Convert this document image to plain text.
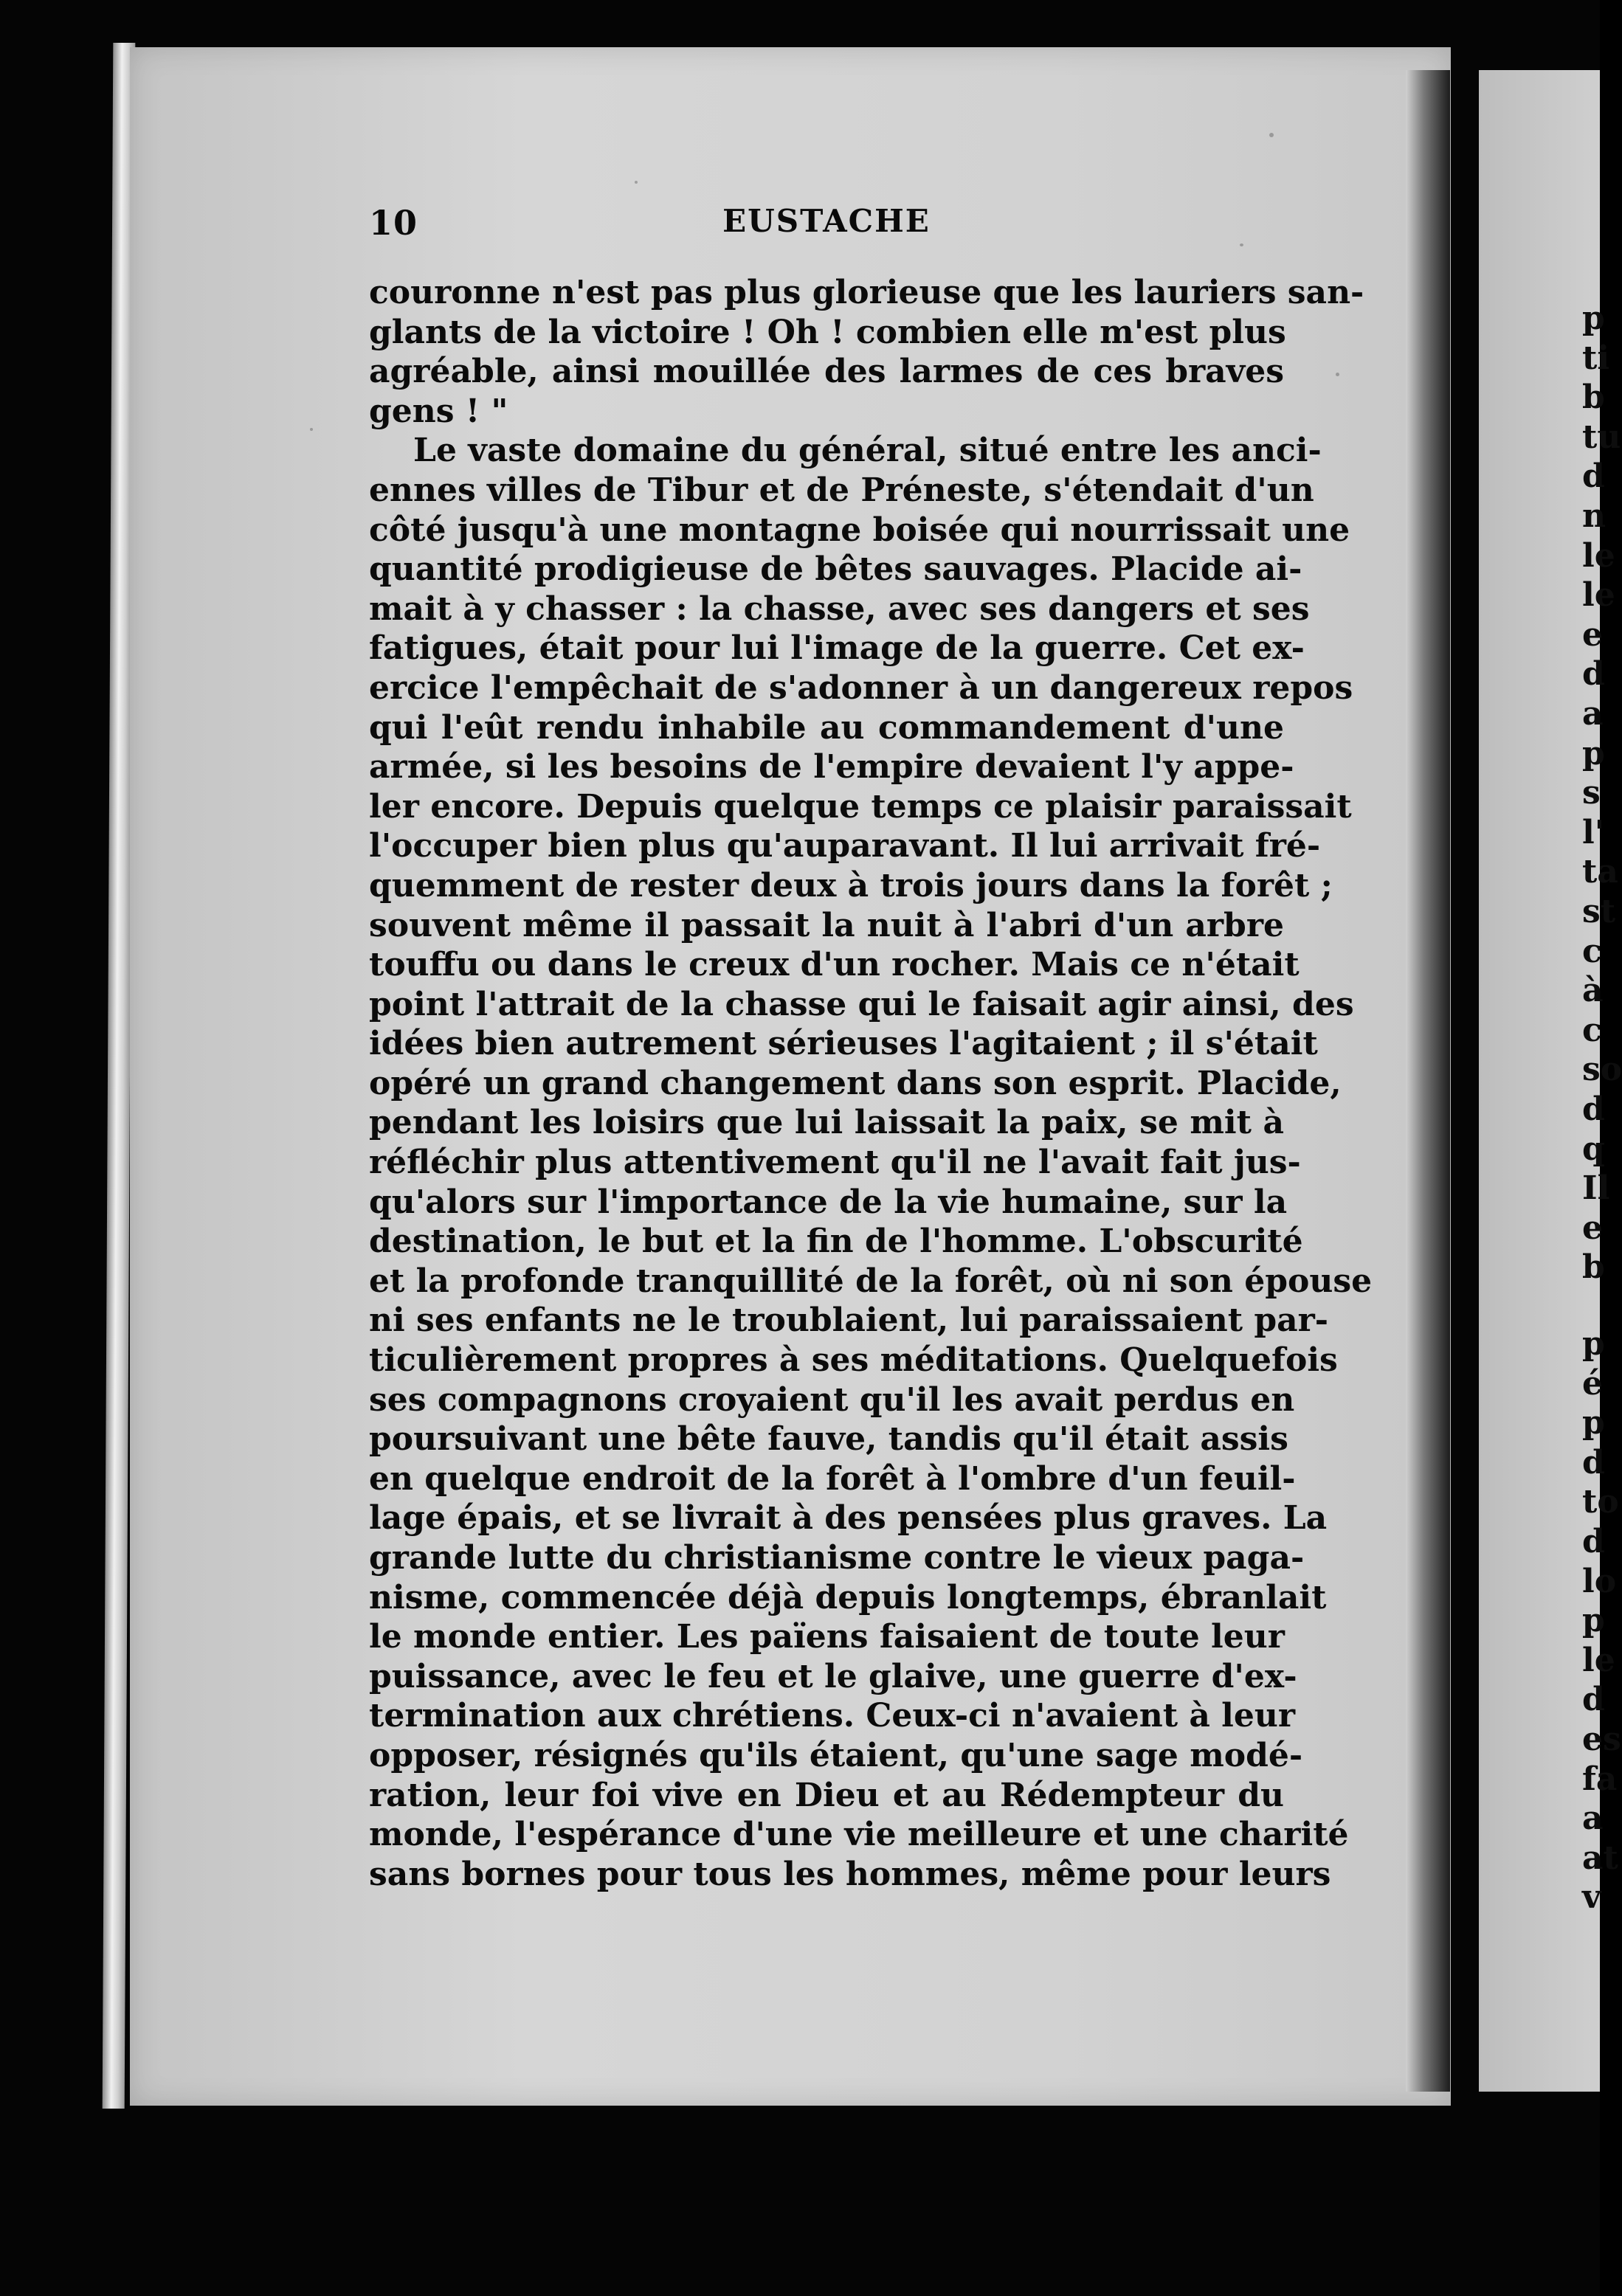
p
ti
b
tu
d
n
le
le
e
d
a
p
s
l'
ta
st
c
à
c
so
d
q
Il
e
b
p
é
p
d
to
d
lo
p
le
d
es
fa
a
at
v
10	EUSTACHE
couronne n'est pas plus glorieuse que les lauriers san-
glants de la victoire ! Oh ! combien elle m'est plus
agréable, ainsi mouillée des larmes de ces braves
gens ! "
Le vaste domaine du général, situé entre les anci-
ennes villes de Tibur et de Préneste, s'étendait d'un
côté jusqu'à une montagne boisée qui nourrissait une
quantité prodigieuse de bêtes sauvages. Placide ai-
mait à y chasser : la chasse, avec ses dangers et ses
fatigues, était pour lui l'image de la guerre. Cet ex-
ercice l'empêchait de s'adonner à un dangereux repos
qui l'eût rendu inhabile au commandement d'une
armée, si les besoins de l'empire devaient l'y appe-
ler encore. Depuis quelque temps ce plaisir paraissait
l'occuper bien plus qu'auparavant. Il lui arrivait fré-
quemment de rester deux à trois jours dans la forêt ;
souvent même il passait la nuit à l'abri d'un arbre
touffu ou dans le creux d'un rocher. Mais ce n'était
point l'attrait de la chasse qui le faisait agir ainsi, des
idées bien autrement sérieuses l'agitaient ; il s'était
opéré un grand changement dans son esprit. Placide,
pendant les loisirs que lui laissait la paix, se mit à
réfléchir plus attentivement qu'il ne l'avait fait jus-
qu'alors sur l'importance de la vie humaine, sur la
destination, le but et la fin de l'homme. L'obscurité
et la profonde tranquillité de la forêt, où ni son épouse
ni ses enfants ne le troublaient, lui paraissaient par-
ticulièrement propres à ses méditations. Quelquefois
ses compagnons croyaient qu'il les avait perdus en
poursuivant une bête fauve, tandis qu'il était assis
en quelque endroit de la forêt à l'ombre d'un feuil-
lage épais, et se livrait à des pensées plus graves. La
grande lutte du christianisme contre le vieux paga-
nisme, commencée déjà depuis longtemps, ébranlait
le monde entier. Les païens faisaient de toute leur
puissance, avec le feu et le glaive, une guerre d'ex-
termination aux chrétiens. Ceux-ci n'avaient à leur
opposer, résignés qu'ils étaient, qu'une sage modé-
ration, leur foi vive en Dieu et au Rédempteur du
monde, l'espérance d'une vie meilleure et une charité
sans bornes pour tous les hommes, même pour leurs
